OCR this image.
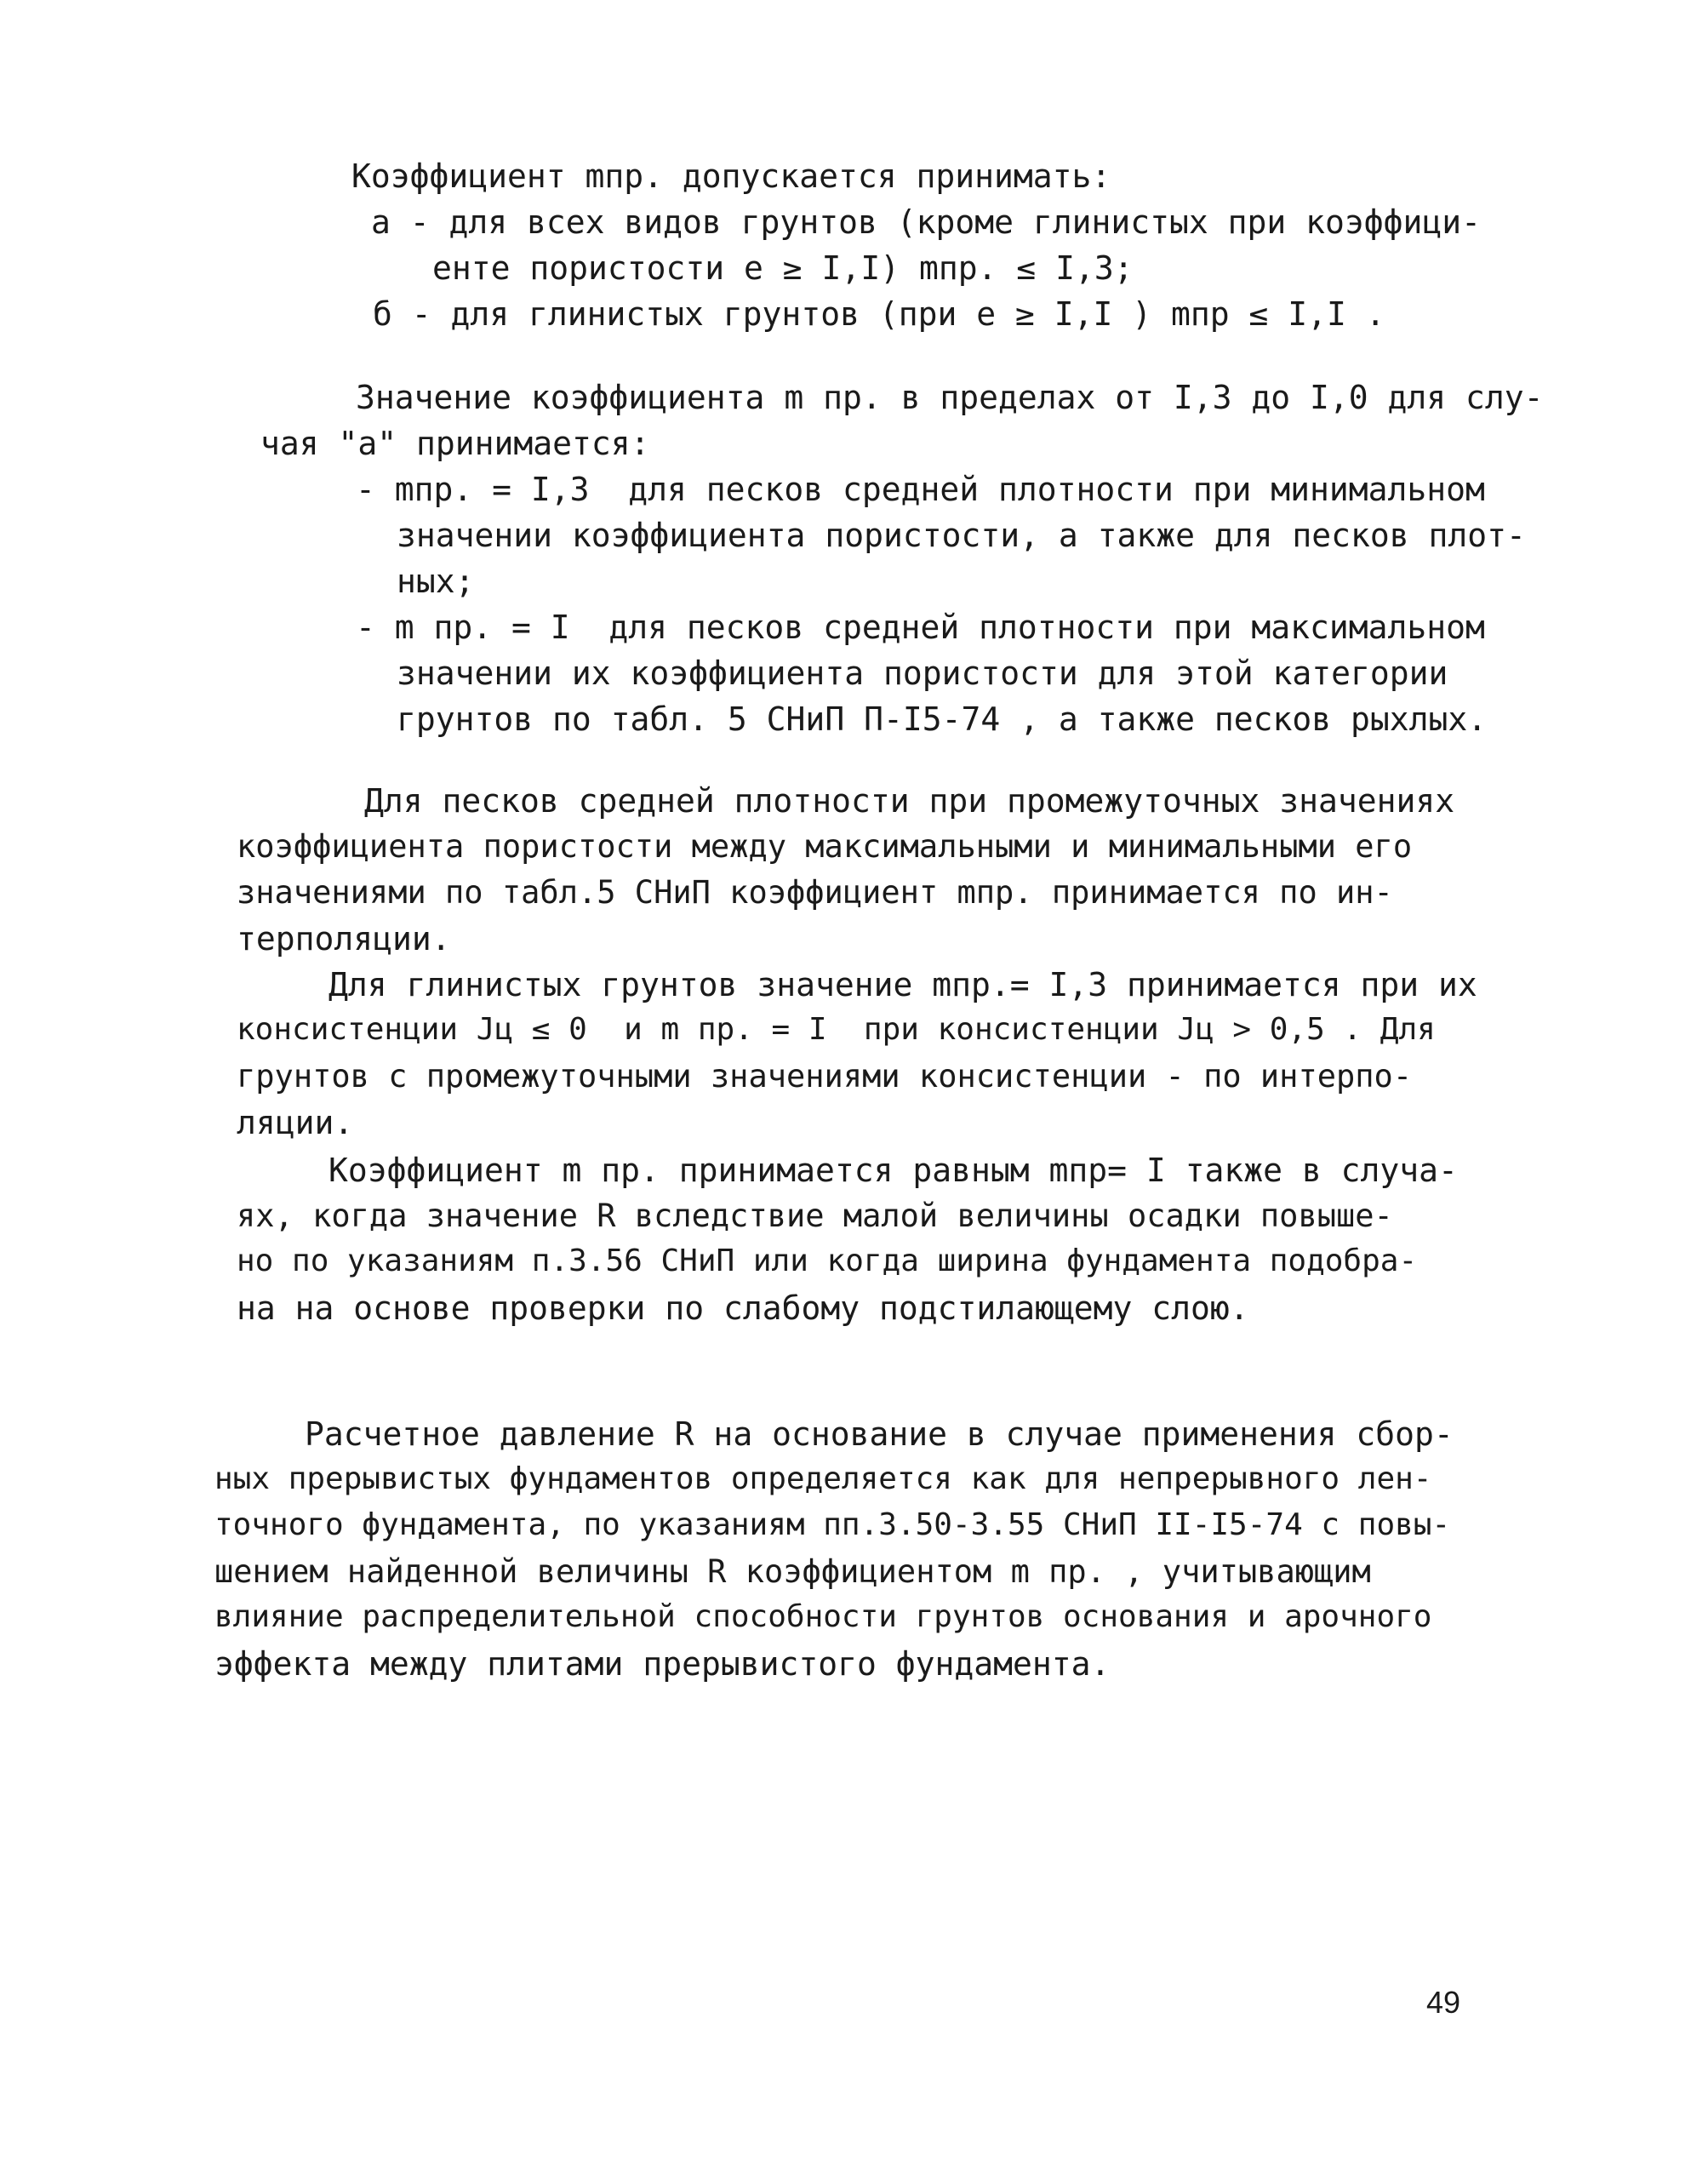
Коэффициент mпр. допускается принимать:

а - для всех видов грунтов (кроме глинистых при коэффици-

енте пористости е ≥ I,I) mпр. ≤ I,3;

б - для глинистых грунтов (при е ≥ I,I ) mпр ≤ I,I .

Значение коэффициента m пр. в пределах от I,3 до I,0 для слу-

чая "а" принимается:

- mпр. = I,3  для песков средней плотности при минимальном

значении коэффициента пористости, а также для песков плот-

ных;

- m пр. = I  для песков средней плотности при максимальном

значении их коэффициента пористости для этой категории

грунтов по табл. 5 СНиП П-I5-74 , а также песков рыхлых.

Для песков средней плотности при промежуточных значениях

коэффициента пористости между максимальными и минимальными его

значениями по табл.5 СНиП коэффициент mпр. принимается по ин-

терполяции.

Для глинистых грунтов значение mпр.= I,3 принимается при их

консистенции Jц ≤ 0  и m пр. = I  при консистенции Jц > 0,5 . Для

грунтов с промежуточными значениями консистенции - по интерпо-

ляции.

Коэффициент m пр. принимается равным mпр= I также в случа-

ях, когда значение R вследствие малой величины осадки повыше-

но по указаниям п.3.56 СНиП или когда ширина фундамента подобра-

на на основе проверки по слабому подстилающему слою.

Расчетное давление R на основание в случае применения сбор-

ных прерывистых фундаментов определяется как для непрерывного лен-

точного фундамента, по указаниям пп.3.50-3.55 СНиП II-I5-74 с повы-

шением найденной величины R коэффициентом m пр. , учитывающим

влияние распределительной способности грунтов основания и арочного

эффекта между плитами прерывистого фундамента.

49
